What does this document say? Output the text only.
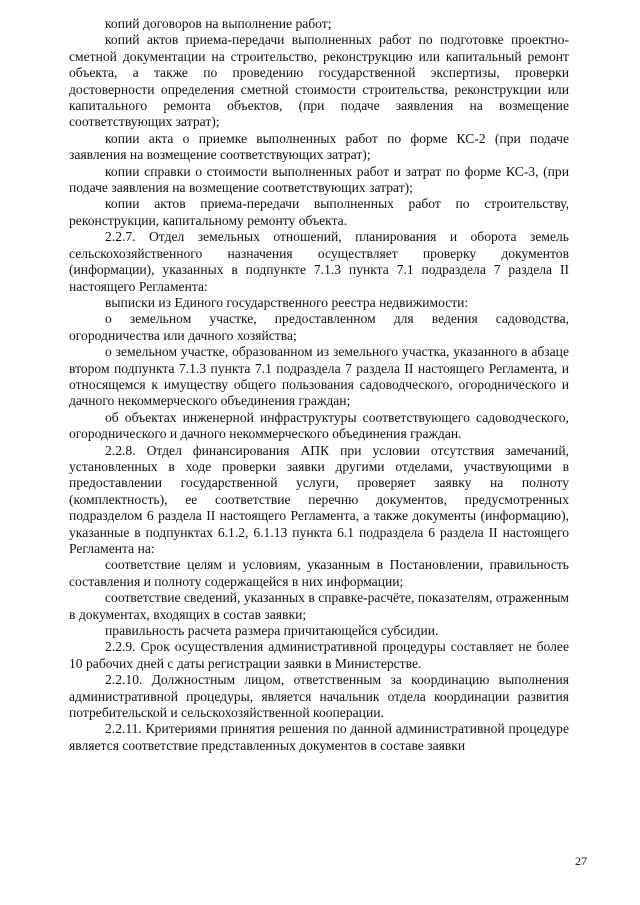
копий договоров на выполнение работ;

копий актов приема-передачи выполненных работ по подготовке проектно-сметной документации на строительство, реконструкцию или капитальный ремонт объекта, а также по проведению государственной экспертизы, проверки достоверности определения сметной стоимости строительства, реконструкции или капитального ремонта объектов, (при подаче заявления на возмещение соответствующих затрат);

копии акта о приемке выполненных работ по форме КС-2 (при подаче заявления на возмещение соответствующих затрат);

копии справки о стоимости выполненных работ и затрат по форме КС-3, (при подаче заявления на возмещение соответствующих затрат);

копии актов приема-передачи выполненных работ по строительству, реконструкции, капитальному ремонту объекта.

2.2.7. Отдел земельных отношений, планирования и оборота земель сельскохозяйственного назначения осуществляет проверку документов (информации), указанных в подпункте 7.1.3 пункта 7.1 подраздела 7 раздела II настоящего Регламента:

выписки из Единого государственного реестра недвижимости:

о земельном участке, предоставленном для ведения садоводства, огородничества или дачного хозяйства;

о земельном участке, образованном из земельного участка, указанного в абзаце втором подпункта 7.1.3 пункта 7.1 подраздела 7 раздела II настоящего Регламента, и относящемся к имуществу общего пользования садоводческого, огороднического и дачного некоммерческого объединения граждан;

об объектах инженерной инфраструктуры соответствующего садоводческого, огороднического и дачного некоммерческого объединения граждан.

2.2.8. Отдел финансирования АПК при условии отсутствия замечаний, установленных в ходе проверки заявки другими отделами, участвующими в предоставлении государственной услуги, проверяет заявку на полноту (комплектность), ее соответствие перечню документов, предусмотренных подразделом 6 раздела II настоящего Регламента, а также документы (информацию), указанные в подпунктах 6.1.2, 6.1.13 пункта 6.1 подраздела 6 раздела II настоящего Регламента на:

соответствие целям и условиям, указанным в Постановлении, правильность составления и полноту содержащейся в них информации;

соответствие сведений, указанных в справке-расчёте, показателям, отраженным в документах, входящих в состав заявки;

правильность расчета размера причитающейся субсидии.

2.2.9. Срок осуществления административной процедуры составляет не более 10 рабочих дней с даты регистрации заявки в Министерстве.

2.2.10. Должностным лицом, ответственным за координацию выполнения административной процедуры, является начальник отдела координации развития потребительской и сельскохозяйственной кооперации.

2.2.11. Критериями принятия решения по данной административной процедуре является соответствие представленных документов в составе заявки

27
